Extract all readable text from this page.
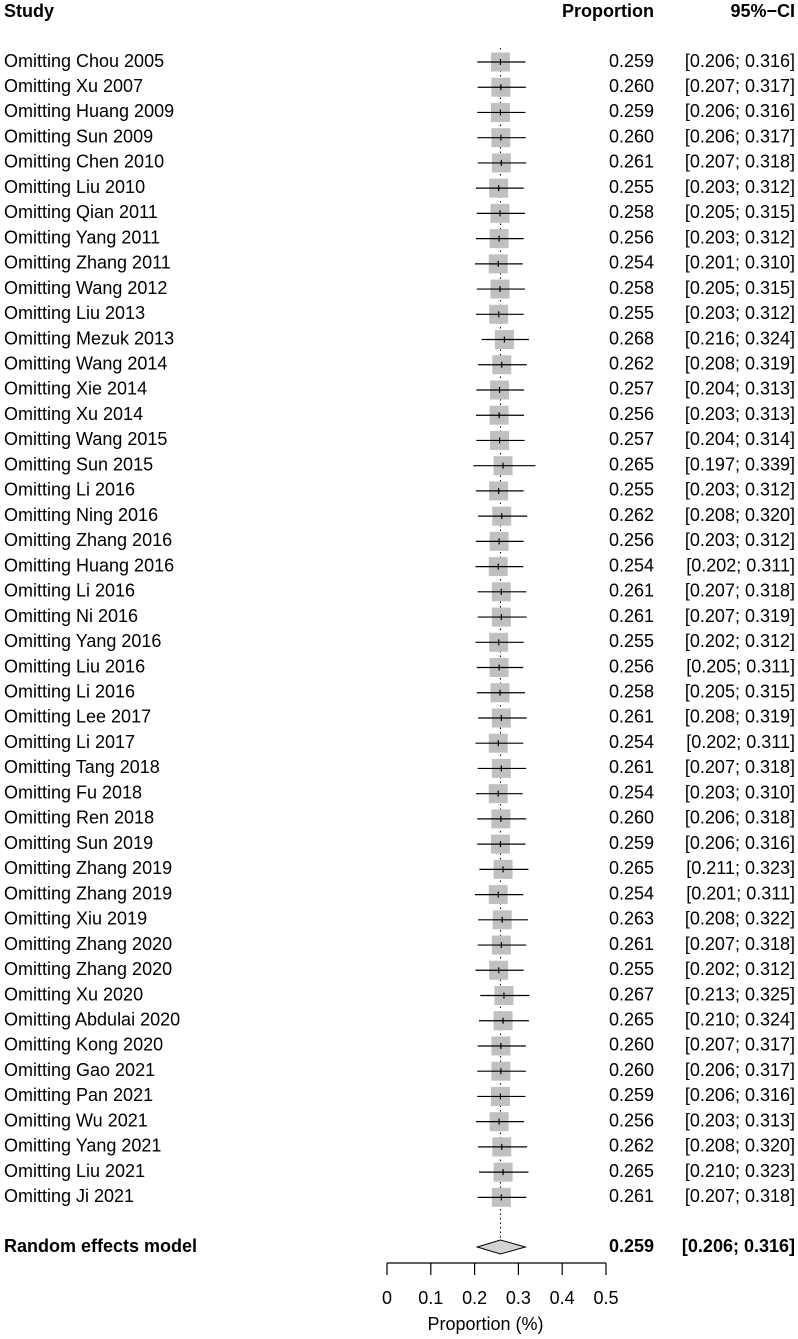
Study	Proportion	95%−CI
Omitting Chou 2005	0.259 [0.206; 0.316]
Omitting Xu 2007	0.260 [0.207; 0.317]
Omitting Huang 2009	0.259 [0.206; 0.316]
Omitting Sun 2009	0.260 [0.206; 0.317]
Omitting Chen 2010	0.261 [0.207; 0.318]
Omitting Liu 2010	0.255 [0.203; 0.312]
Omitting Qian 2011	0.258 [0.205; 0.315]
Omitting Yang 2011	0.256 [0.203; 0.312]
Omitting Zhang 2011	0.254 [0.201; 0.310]
Omitting Wang 2012	0.258 [0.205; 0.315]
Omitting Liu 2013	0.255 [0.203; 0.312]
Omitting Mezuk 2013	0.268 [0.216; 0.324]
Omitting Wang 2014	0.262 [0.208; 0.319]
Omitting Xie 2014	0.257 [0.204; 0.313]
Omitting Xu 2014	0.256 [0.203; 0.313]
Omitting Wang 2015	0.257 [0.204; 0.314]
Omitting Sun 2015	0.265 [0.197; 0.339]
Omitting Li 2016	0.255 [0.203; 0.312]
Omitting Ning 2016	0.262 [0.208; 0.320]
Omitting Zhang 2016	0.256 [0.203; 0.312]
Omitting Huang 2016	0.254 [0.202; 0.311]
Omitting Li 2016	0.261 [0.207; 0.318]
Omitting Ni 2016	0.261 [0.207; 0.319]
Omitting Yang 2016	0.255 [0.202; 0.312]
Omitting Liu 2016	0.256 [0.205; 0.311]
Omitting Li 2016	0.258 [0.205; 0.315]
Omitting Lee 2017	0.261 [0.208; 0.319]
Omitting Li 2017	0.254 [0.202; 0.311]
Omitting Tang 2018	0.261 [0.207; 0.318]
Omitting Fu 2018	0.254 [0.203; 0.310]
Omitting Ren 2018	0.260 [0.206; 0.318]
Omitting Sun 2019	0.259 [0.206; 0.316]
Omitting Zhang 2019	0.265 [0.211; 0.323]
Omitting Zhang 2019	0.254 [0.201; 0.311]
Omitting Xiu 2019	0.263 [0.208; 0.322]
Omitting Zhang 2020	0.261 [0.207; 0.318]
Omitting Zhang 2020	0.255 [0.202; 0.312]
Omitting Xu 2020	0.267 [0.213; 0.325]
Omitting Abdulai 2020	0.265 [0.210; 0.324]
Omitting Kong 2020	0.260 [0.207; 0.317]
Omitting Gao 2021	0.260 [0.206; 0.317]
Omitting Pan 2021	0.259 [0.206; 0.316]
Omitting Wu 2021	0.256 [0.203; 0.313]
Omitting Yang 2021	0.262 [0.208; 0.320]
Omitting Liu 2021	0.265 [0.210; 0.323]
Omitting Ji 2021	0.261 [0.207; 0.318]
Random effects model	0.259 [0.206; 0.316]
0 0.1 0.2 0.3 0.4 0.5
Proportion (%)
